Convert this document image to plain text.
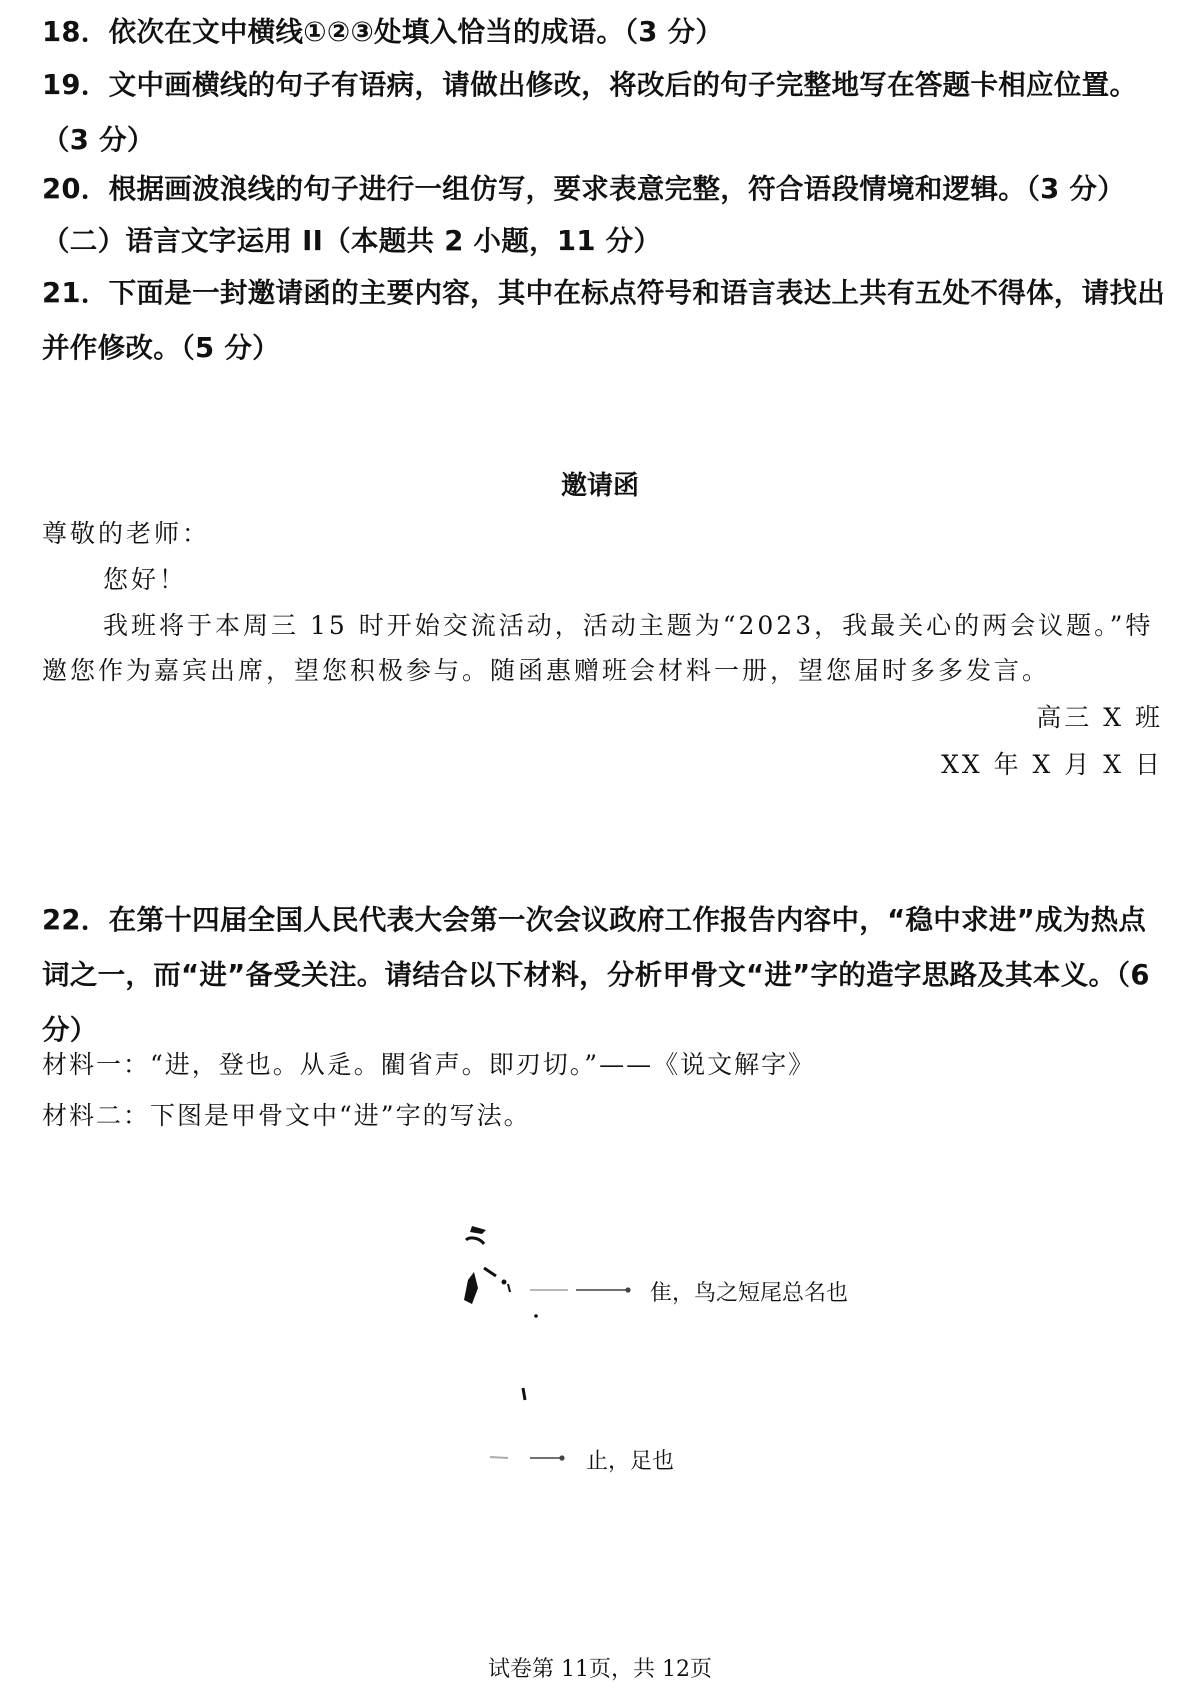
18．依次在文中横线①②③处填入恰当的成语。（3 分）
19．文中画横线的句子有语病，请做出修改，将改后的句子完整地写在答题卡相应位置。（3 分）
20．根据画波浪线的句子进行一组仿写，要求表意完整，符合语段情境和逻辑。（3 分）
（二）语言文字运用 II（本题共 2 小题，11 分）
21．下面是一封邀请函的主要内容，其中在标点符号和语言表达上共有五处不得体，请找出并作修改。（5 分）
邀请函
尊敬的老师：
您好！
我班将于本周三 15 时开始交流活动，活动主题为“2023，我最关心的两会议题。”特邀您作为嘉宾出席，望您积极参与。随函惠赠班会材料一册，望您届时多多发言。
高三 X 班
XX 年 X 月 X 日
22．在第十四届全国人民代表大会第一次会议政府工作报告内容中，“稳中求进”成为热点词之一，而“进”备受关注。请结合以下材料，分析甲骨文“进”字的造字思路及其本义。（6 分）
材料一：“进，登也。从辵。閵省声。即刃切。”——《说文解字》
材料二：下图是甲骨文中“进”字的写法。
隹，鸟之短尾总名也
止，足也
试卷第 11页，共 12页
